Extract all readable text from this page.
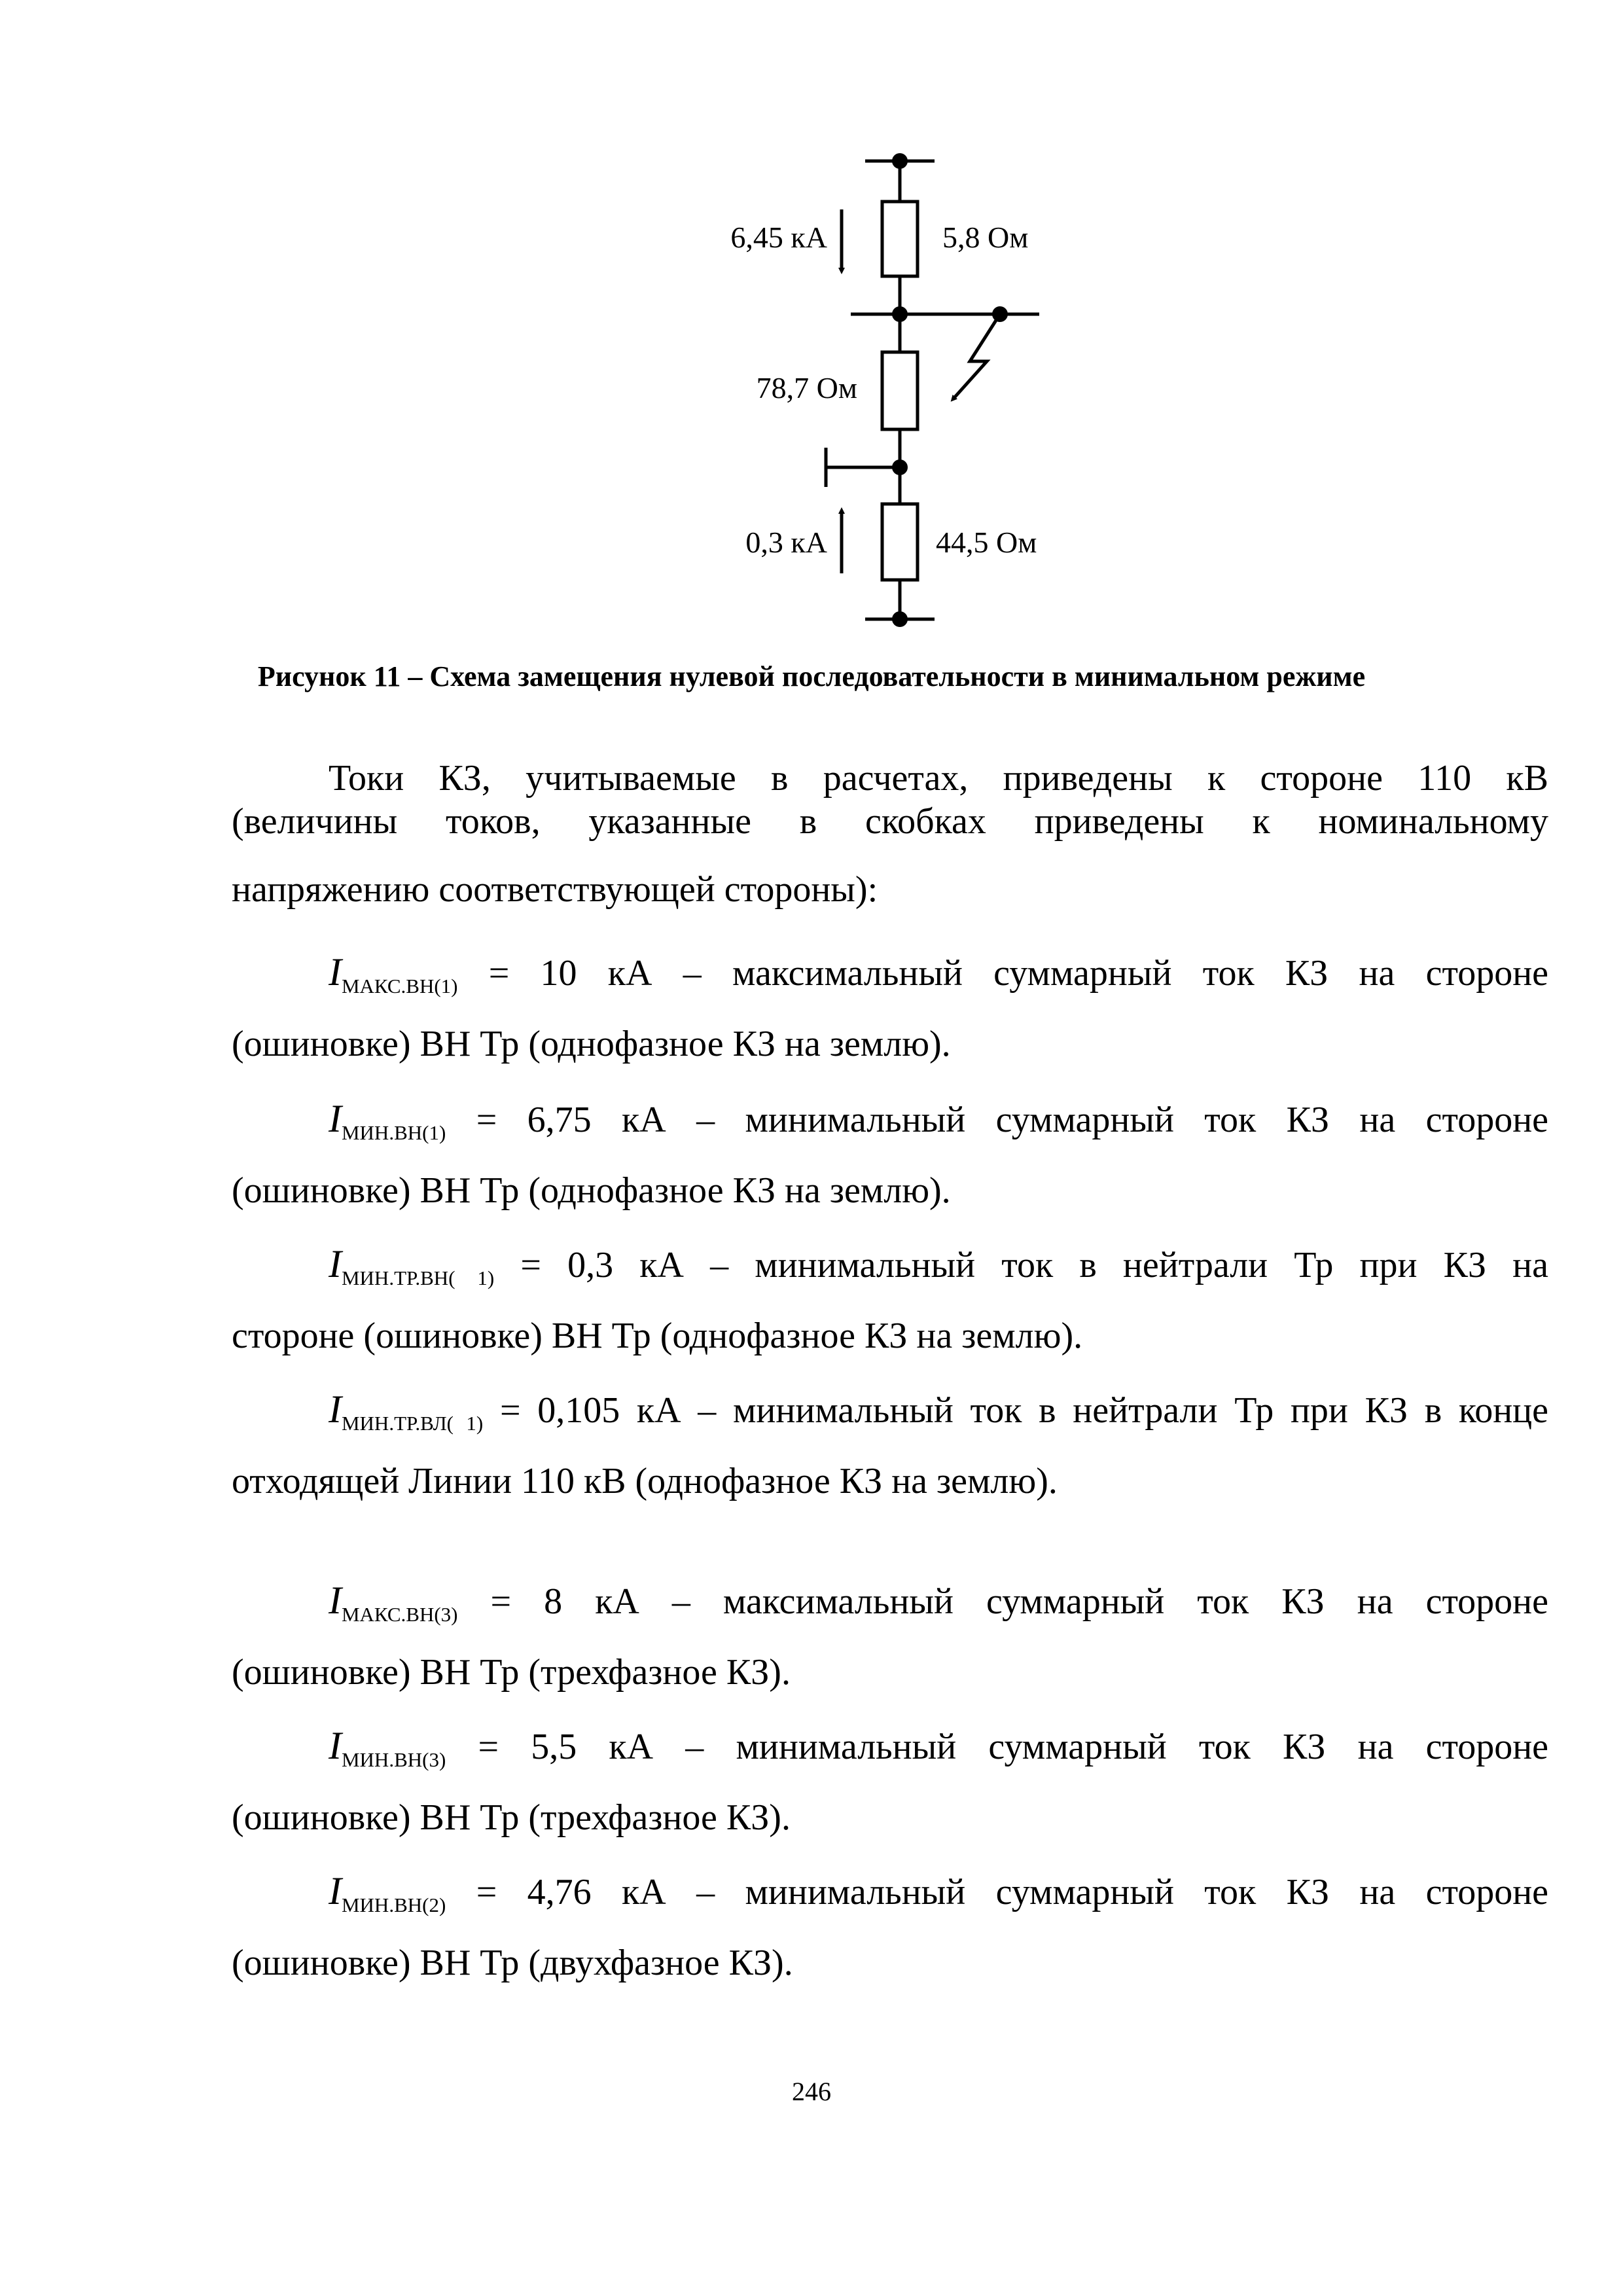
6,45 кА	5,8 Ом
78,7 Ом
0,3 кА	44,5 Ом
Рисунок 11 – Схема замещения нулевой последовательности в минимальном режиме
Токи КЗ, учитываемые в расчетах, приведены к стороне 110 кВ
(величины токов, указанные в скобках приведены к номинальному
напряжению соответствующей стороны):
$I_{МАКС.ВН(1)} = 10$ кА – максимальный суммарный ток КЗ на стороне
(ошиновке) ВН Тр (однофазное КЗ на землю).
$I_{МИН.ВН(1)} = 6,75$ кА – минимальный суммарный ток КЗ на стороне
(ошиновке) ВН Тр (однофазное КЗ на землю).
$I_{МИН.ТР.ВН( 1)} = 0,3$ кА – минимальный ток в нейтрали Тр при КЗ на
стороне (ошиновке) ВН Тр (однофазное КЗ на землю).
$I_{МИН.ТР.ВЛ( 1)} = 0,105$ кА – минимальный ток в нейтрали Тр при КЗ в конце
отходящей Линии 110 кВ (однофазное КЗ на землю).
$I_{МАКС.ВН(3)} = 8$ кА – максимальный суммарный ток КЗ на стороне
(ошиновке) ВН Тр (трехфазное КЗ).
$I_{МИН.ВН(3)} = 5,5$ кА – минимальный суммарный ток КЗ на стороне
(ошиновке) ВН Тр (трехфазное КЗ).
$I_{МИН.ВН(2)} = 4,76$ кА – минимальный суммарный ток КЗ на стороне
(ошиновке) ВН Тр (двухфазное КЗ).
246
